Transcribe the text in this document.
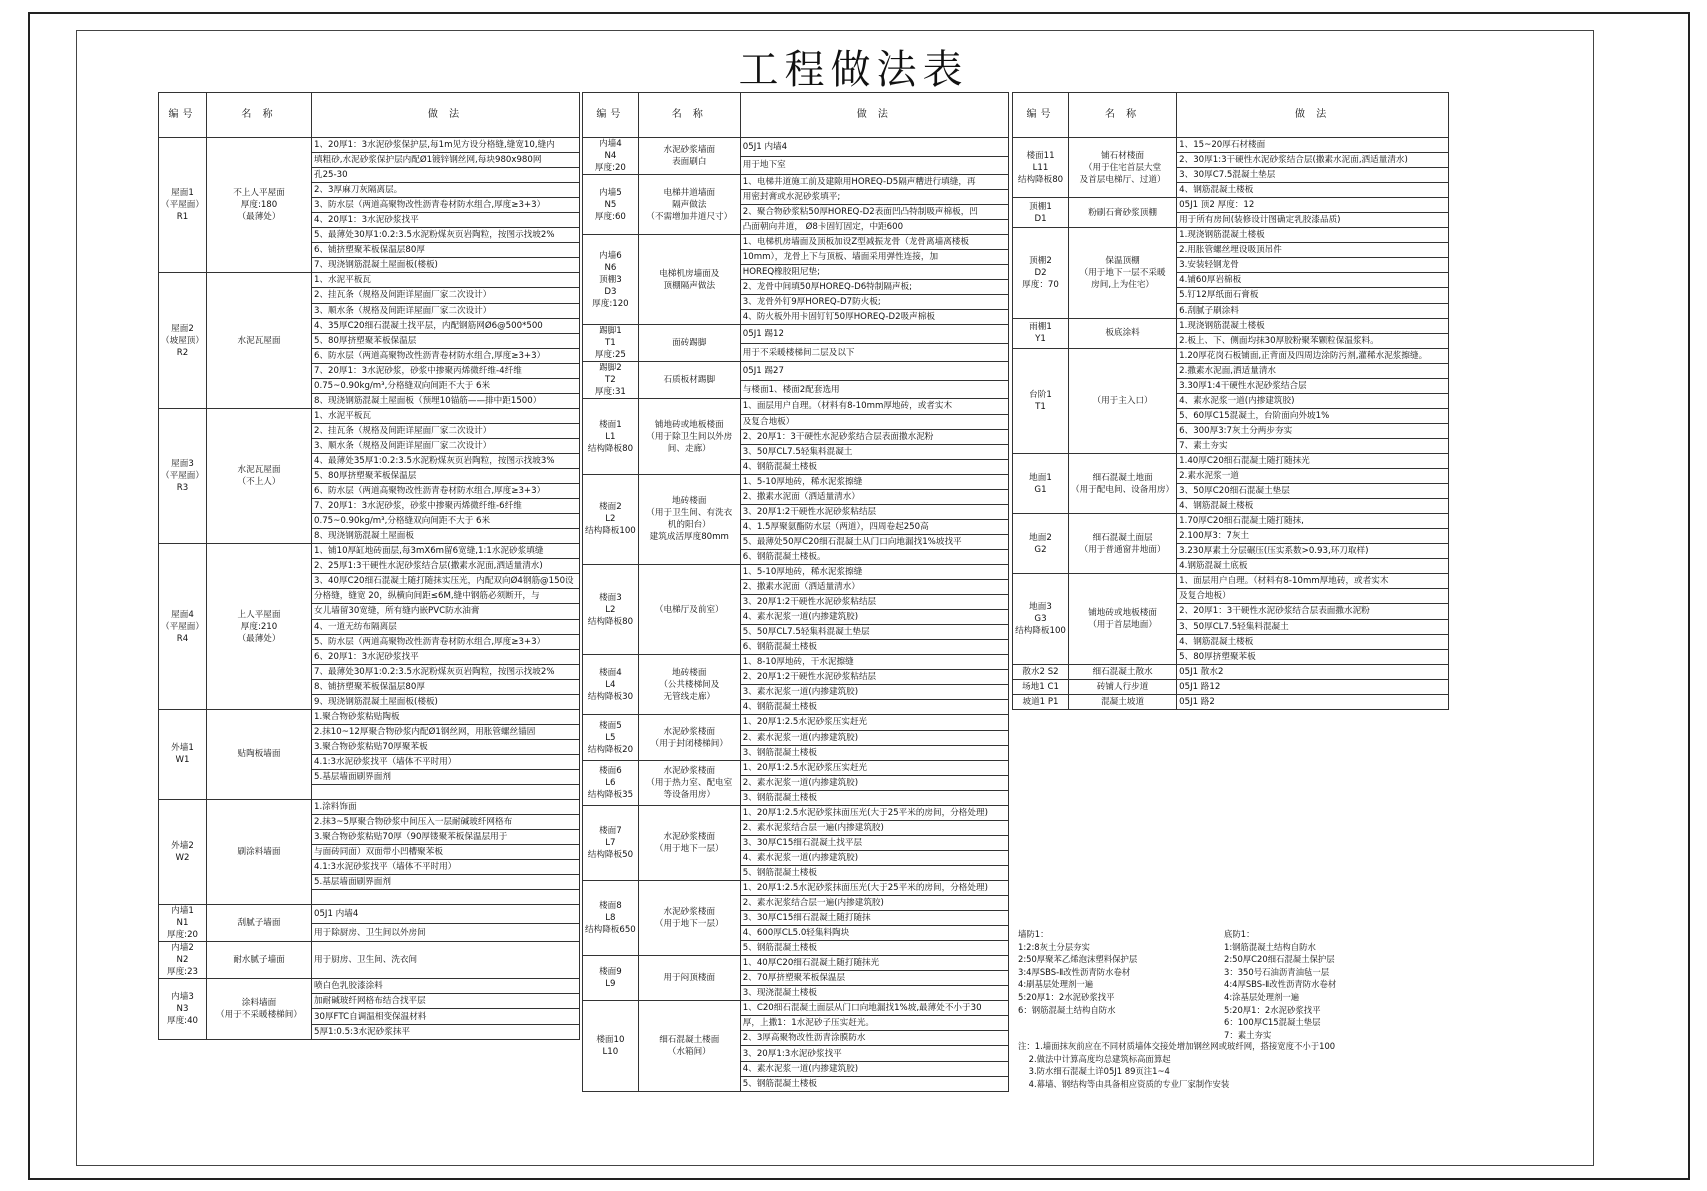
工程做法表
编号	名 称	做 法
屋面1
（平屋面）
R1	不上人平屋面
厚度:180
（最薄处）	1、20厚1：3水泥砂浆保护层,每1m见方设分格缝,缝宽10,缝内
		填粗砂,水泥砂浆保护层内配Ø1镀锌钢丝网,每块980x980网
		孔25-30
		2、3厚麻刀灰隔离层。
		3、防水层（两道高聚物改性沥青卷材防水组合,厚度≥3+3）
		4、20厚1：3水泥砂浆找平
		5、最薄处30厚1:0.2:3.5水泥粉煤灰页岩陶粒，按图示找坡2%
		6、铺挤塑聚苯板保温层80厚
		7、现浇钢筋混凝土屋面板(楼板)
屋面2
（坡屋顶）
R2	水泥瓦屋面	1、水泥平板瓦
		2、挂瓦条（规格及间距详屋面厂家二次设计）
		3、顺水条（规格及间距详屋面厂家二次设计）
		4、35厚C20细石混凝土找平层，内配钢筋网Ø6@500*500
		5、80厚挤塑聚苯板保温层
		6、防水层（两道高聚物改性沥青卷材防水组合,厚度≥3+3）
		7、20厚1：3水泥砂浆，砂浆中掺聚丙烯微纤维-4纤维
		0.75~0.90kg/m³,分格缝双向间距不大于 6米
		8、现浇钢筋混凝土屋面板（预埋10锚筋——排中距1500）
屋面3
（平屋面）
R3	水泥瓦屋面
（不上人）	1、水泥平板瓦
		2、挂瓦条（规格及间距详屋面厂家二次设计）
		3、顺水条（规格及间距详屋面厂家二次设计）
		4、最薄处35厚1:0.2:3.5水泥粉煤灰页岩陶粒，按图示找坡3%
		5、80厚挤塑聚苯板保温层
		6、防水层（两道高聚物改性沥青卷材防水组合,厚度≥3+3）
		7、20厚1：3水泥砂浆，砂浆中掺聚丙烯微纤维-6纤维
		0.75~0.90kg/m³,分格缝双向间距不大于 6米
		8、现浇钢筋混凝土屋面板
屋面4
（平屋面）
R4	上人平屋面
厚度:210
（最薄处）	1、铺10厚缸地砖面层,每3mX6m留6宽缝,1:1水泥砂浆填缝
		2、25厚1:3干硬性水泥砂浆结合层(撒素水泥面,洒适量清水)
		3、40厚C20细石混凝土随打随抹实压光，内配双向Ø4钢筋@150设
		分格缝，缝宽 20，纵横向间距≤6M,缝中钢筋必须断开，与
		女儿墙留30宽缝，所有缝内嵌PVC防水油膏
		4、一道无纺布隔离层
		5、防水层（两道高聚物改性沥青卷材防水组合,厚度≥3+3）
		6、20厚1：3水泥砂浆找平
		7、最薄处30厚1:0.2:3.5水泥粉煤灰页岩陶粒，按图示找坡2%
		8、铺挤塑聚苯板保温层80厚
		9、现浇钢筋混凝土屋面板(楼板)
外墙1
W1	贴陶板墙面	1.聚合物砂浆粘贴陶板
		2.抹10~12厚聚合物砂浆内配Ø1钢丝网，用胀管螺丝锚固
		3.聚合物砂浆粘贴70厚聚苯板
		4.1:3水泥砂浆找平（墙体不平时用）
		5.基层墙面刷界面剂

外墙2
W2	刷涂料墙面	1.涂料饰面
		2.抹3~5厚聚合物砂浆中间压入一层耐碱玻纤网格布
		3.聚合物砂浆粘贴70厚（90厚镂聚苯板保温层用于
		与面砖同面）双面带小凹槽聚苯板
		4.1:3水泥砂浆找平（墙体不平时用）
		5.基层墙面刷界面剂

内墙1
N1
厚度:20	刮腻子墙面	05J1 内墙4
		用于除厨房、卫生间以外房间
内墙2
N2
厚度:23	耐水腻子墙面	用于厨房、卫生间、洗衣间
内墙3
N3
厚度:40	涂料墙面
（用于不采暖楼梯间）	喷白色乳胶漆涂料
		加耐碱玻纤网格布结合找平层
		30厚FTC自调温相变保温材料
		5厚1:0.5:3水泥砂浆抹平
编号	名 称	做 法
内墙4
N4
厚度:20	水泥砂浆墙面
表面刷白	05J1 内墙4
		用于地下室
内墙5
N5
厚度:60	电梯井道墙面
隔声做法
（不需增加井道尺寸）	1、电梯井道施工前及建隙用HOREQ-D5隔声糟进行填缝，再
		用密封膏或水泥砂浆填平;
		2、聚合物砂浆粘50厚HOREQ-D2表面凹凸特制吸声棉板，凹
		凸面朝向井道， Ø8卡固钉固定，中距600
内墙6
N6
顶棚3
D3
厚度:120	电梯机房墙面及
顶棚隔声做法	1、电梯机房墙面及顶板加设Z型减振龙骨（龙骨离墙离楼板
		10mm），龙骨上下与顶板、墙面采用弹性连接，加
		HOREQ橡胶阻尼垫;
		2、龙骨中间填50厚HOREQ-D6特制隔声板;
		3、龙骨外钉9厚HOREQ-D7防火板;
		4、防火板外用卡固钉钉50厚HOREQ-D2吸声棉板
踢脚1
T1
厚度:25	面砖踢脚	05J1 踢12
		用于不采暖楼梯间二层及以下
踢脚2
T2
厚度:31	石质板材踢脚	05J1 踢27
		与楼面1、楼面2配套选用
楼面1
L1
结构降板80	铺地砖或地板楼面
（用于除卫生间以外房
间、走廊）	1、面层用户自理。（材料有8-10mm厚地砖，或者实木
		及复合地板）
		2、20厚1：3干硬性水泥砂浆结合层表面撒水泥粉
		3、50厚CL7.5轻集料混凝土
		4、钢筋混凝土楼板
楼面2
L2
结构降板100	地砖楼面
（用于卫生间、有洗衣
机的阳台）
建筑成活厚度80mm	1、5-10厚地砖，稀水泥浆擦缝
		2、撒素水泥面（洒适量清水）
		3、20厚1:2干硬性水泥砂浆粘结层
		4、1.5厚聚氨酯防水层（两道），四周卷起250高
		5、最薄处50厚C20细石混凝土从门口向地漏找1%坡找平
		6、钢筋混凝土楼板。
楼面3
L2
结构降板80	（电梯厅及前室）	1、5-10厚地砖，稀水泥浆擦缝
		2、撒素水泥面（洒适量清水）
		3、20厚1:2干硬性水泥砂浆粘结层
		4、素水泥浆一道(内掺建筑胶)
		5、50厚CL7.5轻集料混凝土垫层
		6、钢筋混凝土楼板
楼面4
L4
结构降板30	地砖楼面
（公共楼梯间及
无管线走廊）	1、8-10厚地砖，干水泥擦缝
		2、20厚1:2干硬性水泥砂浆粘结层
		3、素水泥浆一道(内掺建筑胶)
		4、钢筋混凝土楼板
楼面5
L5
结构降板20	水泥砂浆楼面
（用于封闭楼梯间）	1、20厚1:2.5水泥砂浆压实赶光
		2、素水泥浆一道(内掺建筑胶)
		3、钢筋混凝土楼板
楼面6
L6
结构降板35	水泥砂浆楼面
（用于热力室、配电室
等设备用房）	1、20厚1:2.5水泥砂浆压实赶光
		2、素水泥浆一道(内掺建筑胶)
		3、钢筋混凝土楼板
楼面7
L7
结构降板50	水泥砂浆楼面
（用于地下一层）	1、20厚1:2.5水泥砂浆抹面压光(大于25平米的房间，分格处理)
		2、素水泥浆结合层一遍(内掺建筑胶)
		3、30厚C15细石混凝土找平层
		4、素水泥浆一道(内掺建筑胶)
		5、钢筋混凝土楼板
楼面8
L8
结构降板650	水泥砂浆楼面
（用于地下一层）	1、20厚1:2.5水泥砂浆抹面压光(大于25平米的房间，分格处理)
		2、素水泥浆结合层一遍(内掺建筑胶)
		3、30厚C15细石混凝土随打随抹
		4、600厚CL5.0轻集料陶块
		5、钢筋混凝土楼板
楼面9
L9	用于闷顶楼面	1、40厚C20细石混凝土随打随抹光
		2、70厚挤塑聚苯板保温层
		3、现浇混凝土楼板
楼面10
L10	细石混凝土楼面
（水箱间）	1、C20细石混凝土面层从门口向地漏找1%坡,最薄处不小于30
		厚，上撒1：1水泥砂子压实赶光。
		2、3厚高聚物改性沥青涂膜防水
		3、20厚1:3水泥砂浆找平
		4、素水泥浆一道(内掺建筑胶)
		5、钢筋混凝土楼板
编号	名 称	做 法
楼面11
L11
结构降板80	铺石材楼面
（用于住宅首层大堂
及首层电梯厅、过道）	1、15~20厚石材楼面
		2、30厚1:3干硬性水泥砂浆结合层(撒素水泥面,洒适量清水)
		3、30厚C7.5混凝土垫层
		4、钢筋混凝土楼板
顶棚1
D1	粉刷石膏砂浆顶棚	05J1 顶2 厚度：12
		用于所有房间(装修设计图确定乳胶漆品质)
顶棚2
D2
厚度：70	保温顶棚
（用于地下一层不采暖
房间,上为住宅）	1.现浇钢筋混凝土楼板
		2.用胀管螺丝埋设吸顶吊件
		3.安装轻钢龙骨
		4.铺60厚岩棉板
		5.钉12厚纸面石膏板
		6.刮腻子刷涂料
雨棚1
Y1	板底涂料	1.现浇钢筋混凝土楼板
		2.板上、下、侧面均抹30厚胶粉聚苯颗粒保温浆料。
台阶1
T1	（用于主入口）	1.20厚花岗石板铺面,正背面及四周边涂防污剂,灌稀水泥浆擦缝。
		2.撒素水泥面,洒适量清水
		3.30厚1:4干硬性水泥砂浆结合层
		4、素水泥浆一道(内掺建筑胶)
		5、60厚C15混凝土，台阶面向外坡1%
		6、300厚3:7灰土分两步夯实
		7、素土夯实
地面1
G1	细石混凝土地面
（用于配电间、设备用房）	1.40厚C20细石混凝土随打随抹光
		2.素水泥浆一道
		3、50厚C20细石混凝土垫层
		4、钢筋混凝土楼板
地面2
G2	细石混凝土面层
（用于普通窗井地面）	1.70厚C20细石混凝土随打随抹,
		2.100厚3：7灰土
		3.230厚素土分层碾压(压实系数>0.93,环刀取样)
		4.钢筋混凝土底板
地面3
G3
结构降板100	铺地砖或地板楼面
（用于首层地面）	1、面层用户自理。（材料有8-10mm厚地砖，或者实木
		及复合地板）
		2、20厚1：3干硬性水泥砂浆结合层表面撒水泥粉
		3、50厚CL7.5轻集料混凝土
		4、钢筋混凝土楼板
		5、80厚挤塑聚苯板
散水2 S2	细石混凝土散水	05J1 散水2
场地1 C1	砖铺人行步道	05J1 路12
坡道1 P1	混凝土坡道	05J1 路2
墙防1：
1:2:8灰土分层夯实
2:50厚聚苯乙烯泡沫塑料保护层
3:4厚SBS-Ⅱ改性沥青防水卷材
4:刷基层处理剂一遍
5:20厚1：2水泥砂浆找平
6：钢筋混凝土结构自防水
底防1：
1:钢筋混凝土结构自防水
2:50厚C20细石混凝土保护层
3：350号石油沥青油毡一层
4:4厚SBS-Ⅱ改性沥青防水卷材
4:涂基层处理剂一遍
5:20厚1：2水泥砂浆找平
6：100厚C15混凝土垫层
7：素土夯实
注：1.墙面抹灰前应在不同材质墙体交接处增加钢丝网或玻纤网，搭接宽度不小于100
2.做法中计算高度均总建筑标高面算起
3.防水细石混凝土详05J1 89页注1~4
4.幕墙、钢结构等由具备相应资质的专业厂家制作安装
